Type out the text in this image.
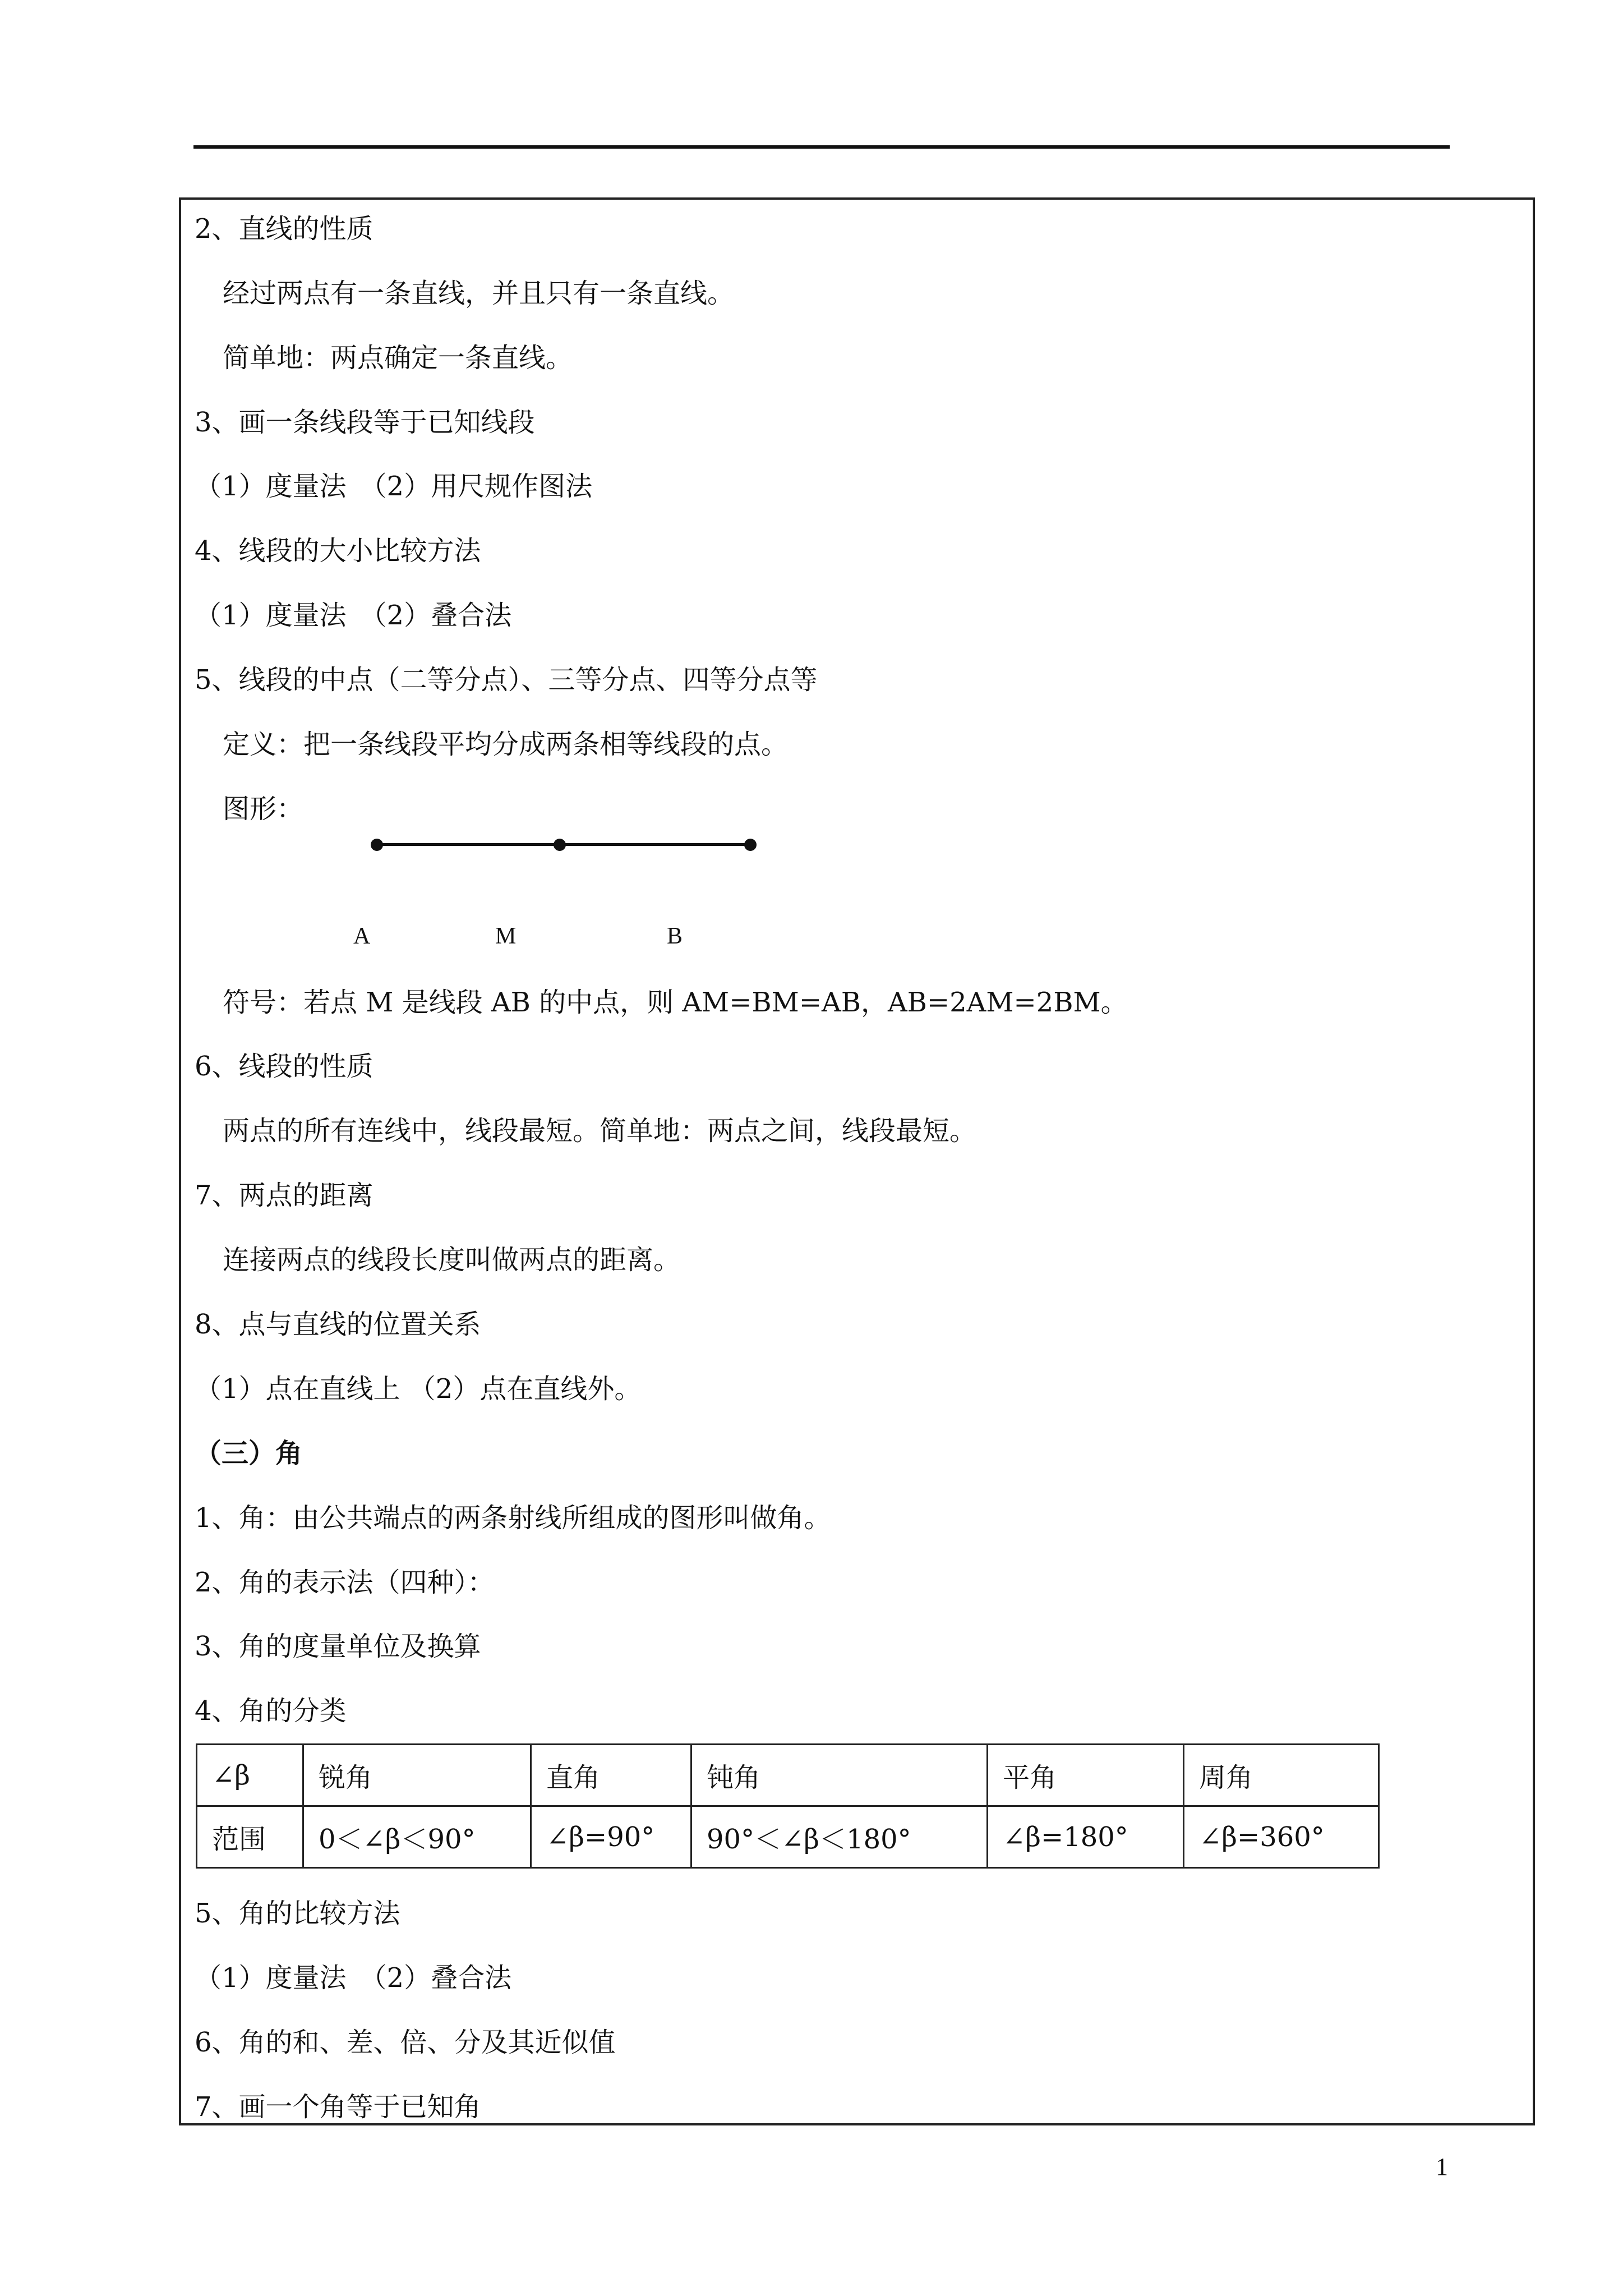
2、直线的性质
经过两点有一条直线，并且只有一条直线。
简单地：两点确定一条直线。
3、画一条线段等于已知线段
（1）度量法　（2）用尺规作图法
4、线段的大小比较方法
（1）度量法　（2）叠合法
5、线段的中点（二等分点）、三等分点、四等分点等
定义：把一条线段平均分成两条相等线段的点。
图形：
A	M	B
符号：若点 M 是线段 AB 的中点，则 AM=BM=AB，AB=2AM=2BM。
6、线段的性质
两点的所有连线中，线段最短。简单地：两点之间，线段最短。
7、两点的距离
连接两点的线段长度叫做两点的距离。
8、点与直线的位置关系
（1）点在直线上 （2）点在直线外。
（三）角
1、角：由公共端点的两条射线所组成的图形叫做角。
2、角的表示法（四种）：
3、角的度量单位及换算
4、角的分类
∠β	锐角	直角	钝角	平角	周角
范围	0＜∠β＜90°	∠β=90°	90°＜∠β＜180°	∠β=180°	∠β=360°
5、角的比较方法
（1）度量法　（2）叠合法
6、角的和、差、倍、分及其近似值
7、画一个角等于已知角
1
